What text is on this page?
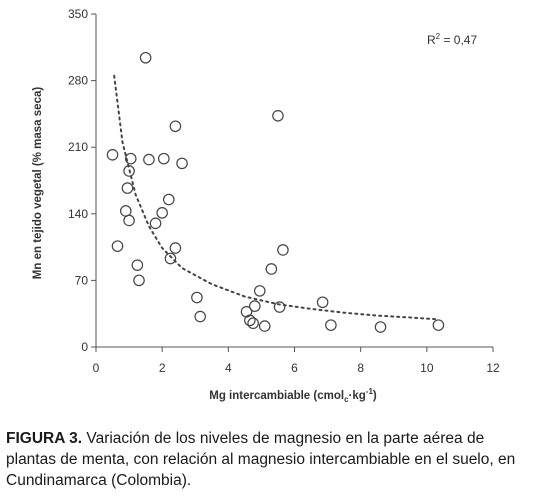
0
70
140
210
280
350
0	2	4	6	8	10	12
$R^2 = 0,47$
Mg intercambiable $(cmol_c\cdot kg^{-1})$
Mn en tejido vegetal (% masa seca)

FIGURA 3. Variación de los niveles de magnesio en la parte aérea de plantas de menta, con relación al magnesio intercambiable en el suelo, en Cundinamarca (Colombia).
